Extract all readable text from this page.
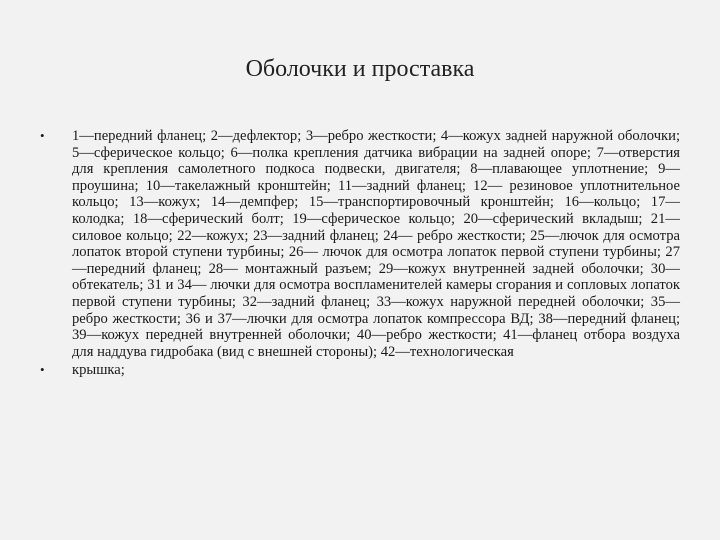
Оболочки и проставка
• 1—передний фланец; 2—дефлектор; 3—ребро жесткости; 4—кожух задней наружной оболочки; 5—сферическое кольцо; 6—полка крепления датчика вибрации на задней опоре; 7—отверстия для крепления самолетного подкоса подвески, двигателя; 8—плавающее уплотнение; 9—проушина; 10—такелажный кронштейн; 11—задний фланец; 12— резиновое уплотнительное кольцо; 13—кожух; 14—демпфер; 15—транспортировочный кронштейн; 16—кольцо; 17—колодка; 18—сферический болт; 19—сферическое кольцо; 20—сферический вкладыш; 21—силовое кольцо; 22—кожух; 23—задний фланец; 24— ребро жесткости; 25—лючок для осмотра лопаток второй ступени турбины; 26— лючок для осмотра лопаток первой ступени турбины; 27—передний фланец; 28— монтажный разъем; 29—кожух внутренней задней оболочки; 30—обтекатель; 31 и 34— лючки для осмотра воспламенителей камеры сгорания и сопловых лопаток первой ступени турбины; 32—задний фланец; 33—кожух наружной передней оболочки; 35— ребро жесткости; 36 и 37—лючки для осмотра лопаток компрессора ВД; 38—передний фланец; 39—кожух передней внутренней оболочки; 40—ребро жесткости; 41—фланец отбора воздуха для наддува гидробака (вид с внешней стороны); 42—технологическая
• крышка;
